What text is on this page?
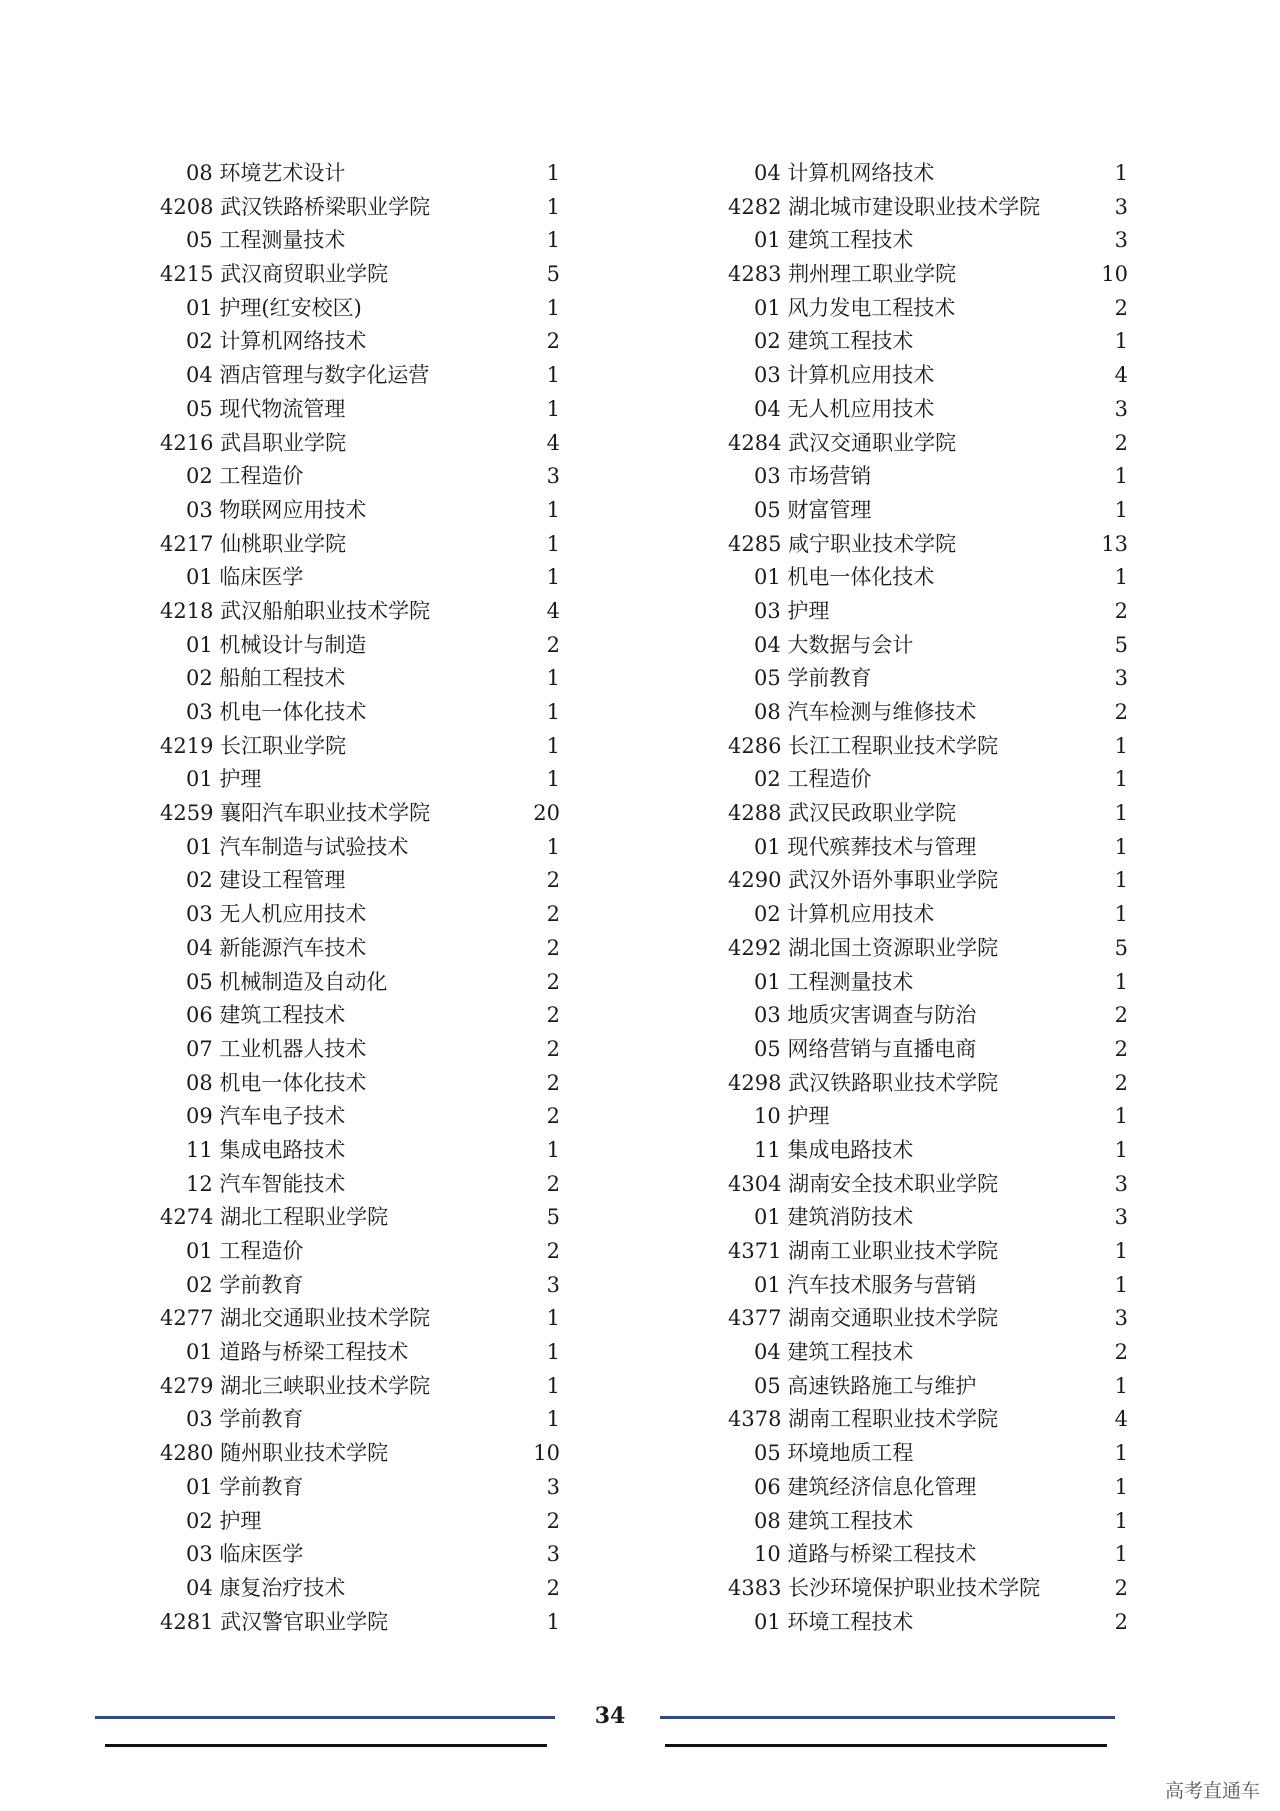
08 环境艺术设计	1
4208 武汉铁路桥梁职业学院	1
05 工程测量技术	1
4215 武汉商贸职业学院	5
01 护理(红安校区)	1
02 计算机网络技术	2
04 酒店管理与数字化运营	1
05 现代物流管理	1
4216 武昌职业学院	4
02 工程造价	3
03 物联网应用技术	1
4217 仙桃职业学院	1
01 临床医学	1
4218 武汉船舶职业技术学院	4
01 机械设计与制造	2
02 船舶工程技术	1
03 机电一体化技术	1
4219 长江职业学院	1
01 护理	1
4259 襄阳汽车职业技术学院	20
01 汽车制造与试验技术	1
02 建设工程管理	2
03 无人机应用技术	2
04 新能源汽车技术	2
05 机械制造及自动化	2
06 建筑工程技术	2
07 工业机器人技术	2
08 机电一体化技术	2
09 汽车电子技术	2
11 集成电路技术	1
12 汽车智能技术	2
4274 湖北工程职业学院	5
01 工程造价	2
02 学前教育	3
4277 湖北交通职业技术学院	1
01 道路与桥梁工程技术	1
4279 湖北三峡职业技术学院	1
03 学前教育	1
4280 随州职业技术学院	10
01 学前教育	3
02 护理	2
03 临床医学	3
04 康复治疗技术	2
4281 武汉警官职业学院	1
04 计算机网络技术	1
4282 湖北城市建设职业技术学院	3
01 建筑工程技术	3
4283 荆州理工职业学院	10
01 风力发电工程技术	2
02 建筑工程技术	1
03 计算机应用技术	4
04 无人机应用技术	3
4284 武汉交通职业学院	2
03 市场营销	1
05 财富管理	1
4285 咸宁职业技术学院	13
01 机电一体化技术	1
03 护理	2
04 大数据与会计	5
05 学前教育	3
08 汽车检测与维修技术	2
4286 长江工程职业技术学院	1
02 工程造价	1
4288 武汉民政职业学院	1
01 现代殡葬技术与管理	1
4290 武汉外语外事职业学院	1
02 计算机应用技术	1
4292 湖北国土资源职业学院	5
01 工程测量技术	1
03 地质灾害调查与防治	2
05 网络营销与直播电商	2
4298 武汉铁路职业技术学院	2
10 护理	1
11 集成电路技术	1
4304 湖南安全技术职业学院	3
01 建筑消防技术	3
4371 湖南工业职业技术学院	1
01 汽车技术服务与营销	1
4377 湖南交通职业技术学院	3
04 建筑工程技术	2
05 高速铁路施工与维护	1
4378 湖南工程职业技术学院	4
05 环境地质工程	1
06 建筑经济信息化管理	1
08 建筑工程技术	1
10 道路与桥梁工程技术	1
4383 长沙环境保护职业技术学院	2
01 环境工程技术	2
34
高考直通车
